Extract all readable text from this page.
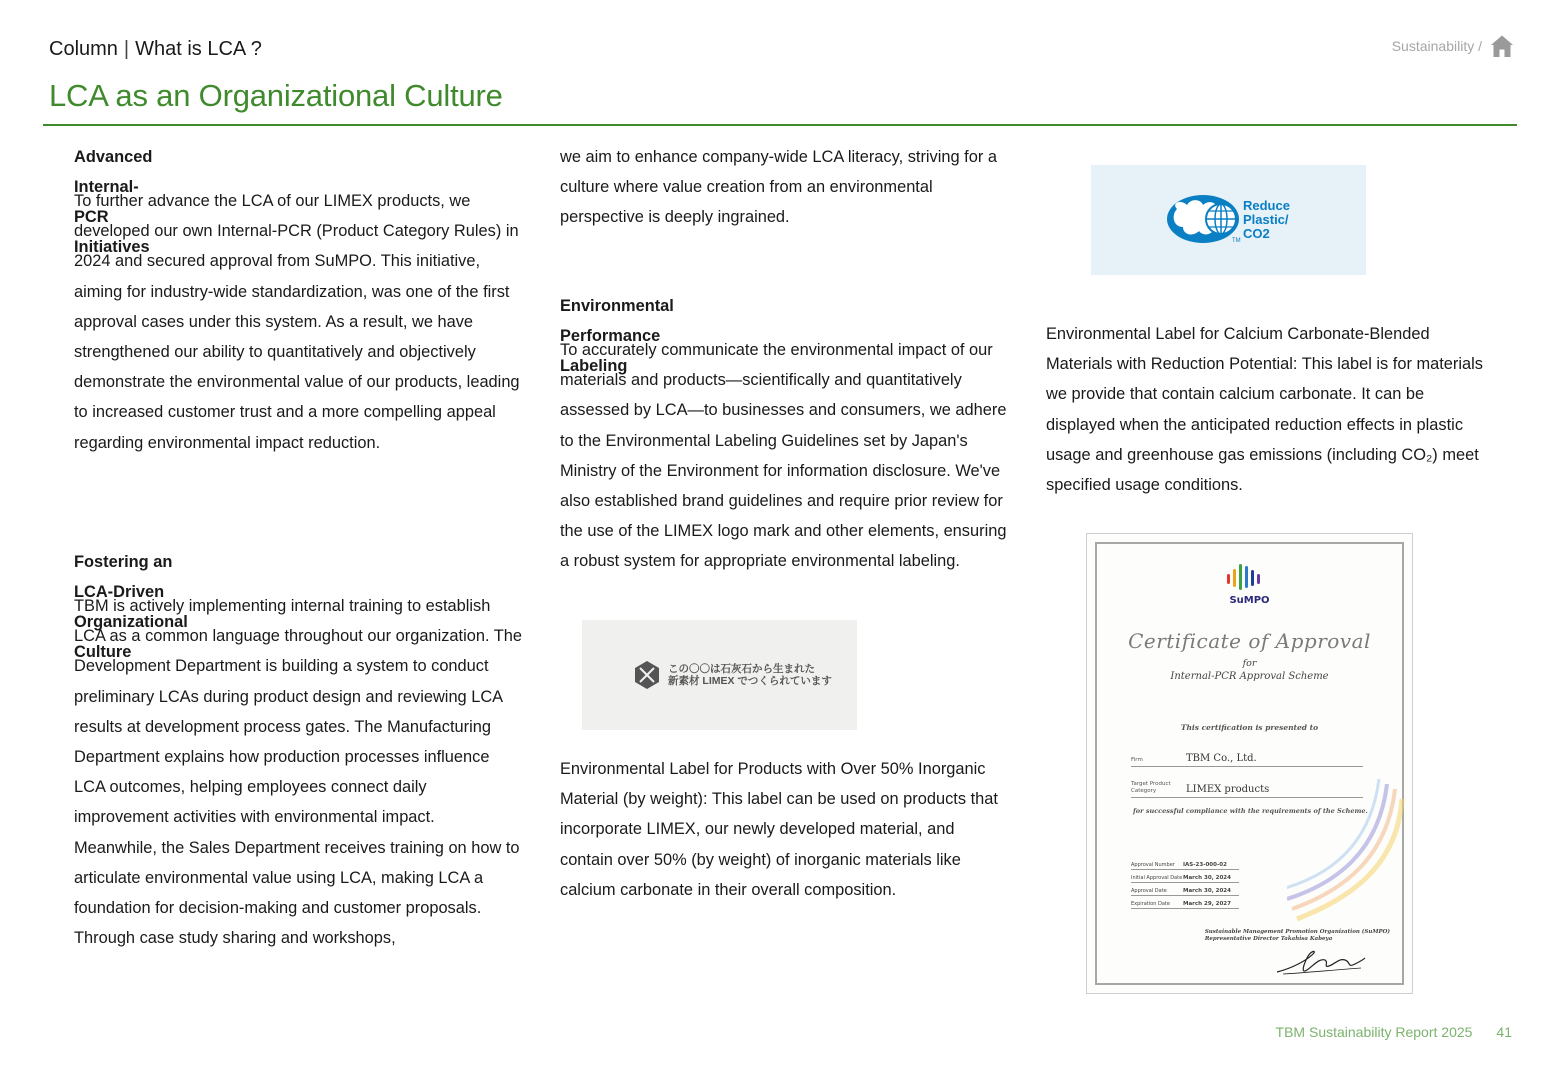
Column | What is LCA ?
LCA as an Organizational Culture
Sustainability /
Advanced Internal-PCR Initiatives

To further advance the LCA of our LIMEX products, we developed our own Internal-PCR (Product Category Rules) in 2024 and secured approval from SuMPO. This initiative, aiming for industry-wide standardization, was one of the first approval cases under this system. As a result, we have strengthened our ability to quantitatively and objectively demonstrate the environmental value of our products, leading to increased customer trust and a more compelling appeal regarding environmental impact reduction.

Fostering an LCA-Driven Organizational Culture

TBM is actively implementing internal training to establish LCA as a common language throughout our organization. The Development Department is building a system to conduct preliminary LCAs during product design and reviewing LCA results at development process gates. The Manufacturing Department explains how production processes influence LCA outcomes, helping employees connect daily improvement activities with environmental impact. Meanwhile, the Sales Department receives training on how to articulate environmental value using LCA, making LCA a foundation for decision-making and customer proposals. Through case study sharing and workshops,

we aim to enhance company-wide LCA literacy, striving for a culture where value creation from an environmental perspective is deeply ingrained.

Environmental Performance Labeling

To accurately communicate the environmental impact of our materials and products—scientifically and quantitatively assessed by LCA—to businesses and consumers, we adhere to the Environmental Labeling Guidelines set by Japan's Ministry of the Environment for information disclosure. We've also established brand guidelines and require prior review for the use of the LIMEX logo mark and other elements, ensuring a robust system for appropriate environmental labeling.

Environmental Label for Products with Over 50% Inorganic Material (by weight): This label can be used on products that incorporate LIMEX, our newly developed material, and contain over 50% (by weight) of inorganic materials like calcium carbonate in their overall composition.

この〇〇は石灰石から生まれた
新素材 LIMEX でつくられています
Reduce
Plastic/
CO2
TM

Environmental Label for Calcium Carbonate-Blended Materials with Reduction Potential: This label is for materials we provide that contain calcium carbonate. It can be displayed when the anticipated reduction effects in plastic usage and greenhouse gas emissions (including CO₂) meet specified usage conditions.

SuMPO
Certificate of Approval
for
Internal-PCR Approval Scheme
This certification is presented to
Firm	TBM Co., Ltd.
Target Product Category	LIMEX products
for successful compliance with the requirements of the Scheme.
Approval Number IAS-23-000-02
Initial Approval Date March 30, 2024
Approval Date	March 30, 2024
Expiration Date March 29, 2027
Sustainable Management Promotion Organization (SuMPO)
Representative Director Takahisa Kabeya
TBM Sustainability Report 2025 41
